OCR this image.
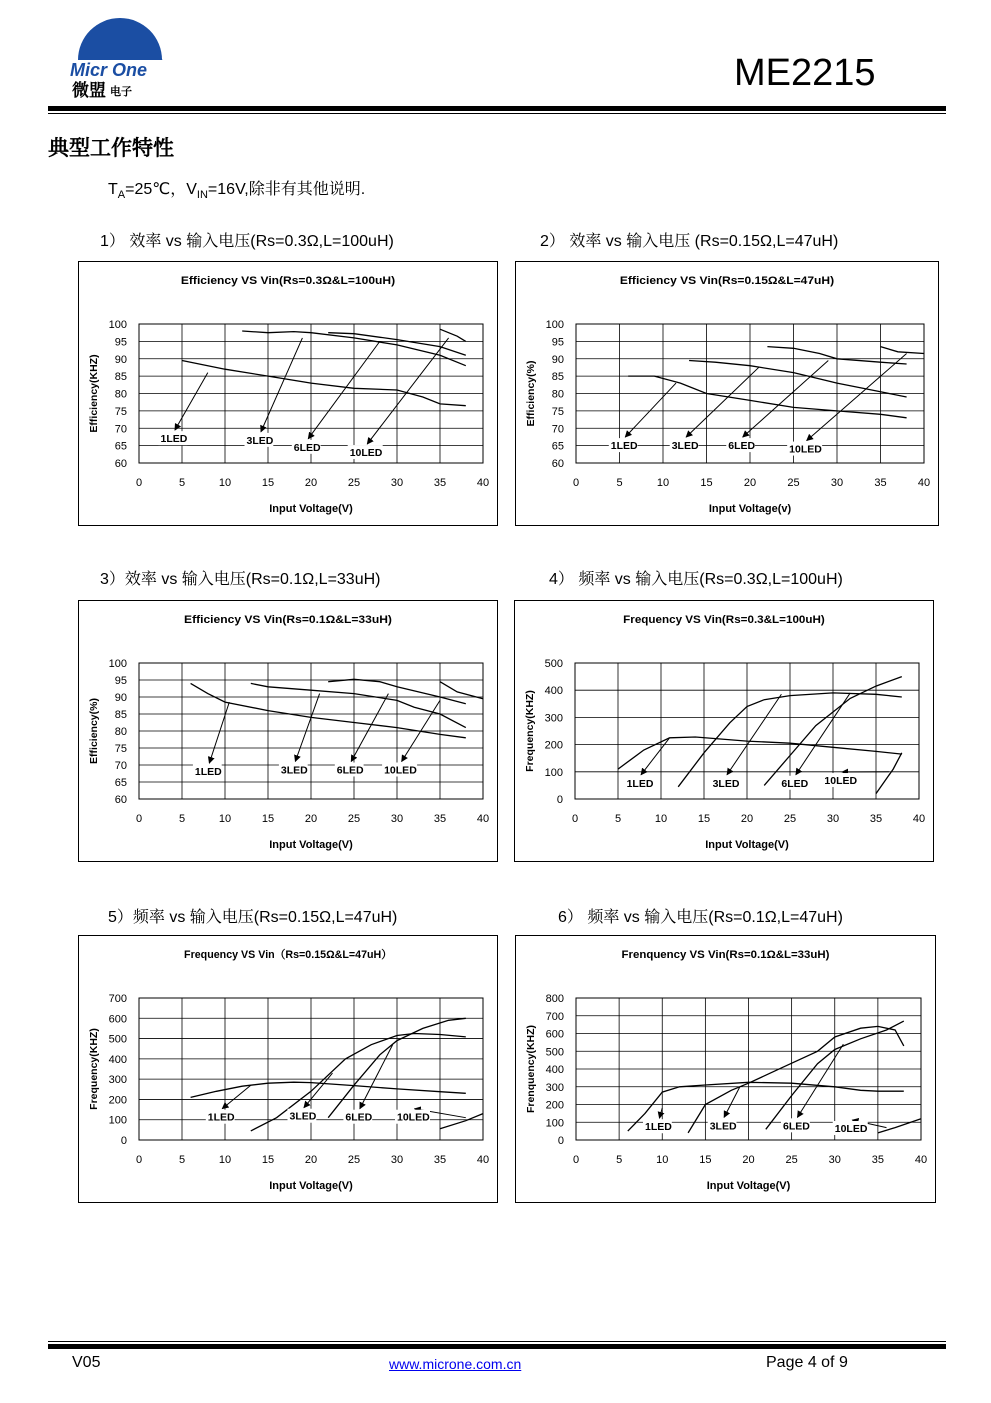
Micr One
微盟 电子	ME2215
典型工作特性
$T_A=25℃$，$V_{IN}=16V$,除非有其他说明.
1） 效率 vs 输入电压(Rs=0.3Ω,L=100uH)	2） 效率 vs 输入电压 (Rs=0.15Ω,L=47uH)
3）效率 vs 输入电压(Rs=0.1Ω,L=33uH)	4） 频率 vs 输入电压(Rs=0.3Ω,L=100uH)
5）频率 vs 输入电压(Rs=0.15Ω,L=47uH)	6） 频率 vs 输入电压(Rs=0.1Ω,L=47uH)
Efficiency VS Vin(Rs=0.3Ω&L=100uH)
0	5	10	15	20	25	30	35	40
60
65
70
75
80
85
90
95
100
Input Voltage(V)
Efficiency(KHZ)
1LED	3LED
6LED	10LED
Efficiency VS Vin(Rs=0.15Ω&L=47uH)
0	5	10	15	20	25	30	35	40
60
65
70
75
80
85
90
95
100
Input Voltage(v)
Efficiency(%)
1LED	3LED	6LED	10LED
Efficiency VS Vin(Rs=0.1Ω&L=33uH)
0	5	10	15	20	25	30	35	40
60
65
70
75
80
85
90
95
100
Input Voltage(V)
Efficiency(%)
1LED	3LED	6LED 10LED
Frequency VS Vin(Rs=0.3&L=100uH)
0	5	10	15	20	25	30	35	40
0
100
200
300
400
500
Input Voltage(V)
Frequency(KHZ)
1LED	3LED	6LED 10LED
Frequency VS Vin（Rs=0.15Ω&L=47uH）
0	5	10	15	20	25	30	35	40
0
100
200
300
400
500
600
700
Input Voltage(V)
Frequency(KHZ)
1LED	3LED	6LED 10LED
Frenquency VS Vin(Rs=0.1Ω&L=33uH)
0	5	10	15	20	25	30	35	40
0
100
200
300
400
500
600
700
800
Input Voltage(V)
Frenquency(KHZ)
1LED	3LED	6LED 10LED
V05	www.microne.com.cn	Page 4 of 9
